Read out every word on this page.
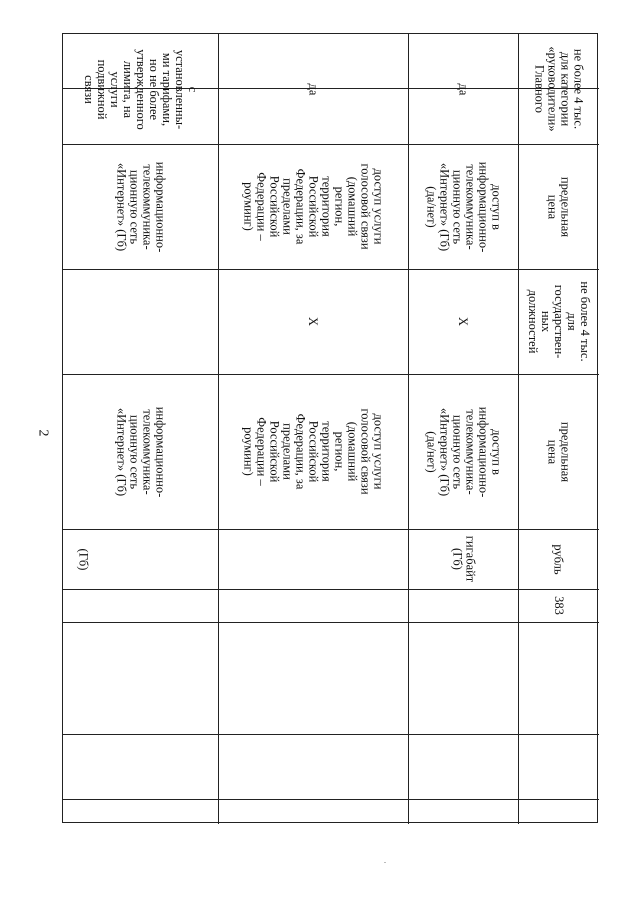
2
(Гб)
информационно-
телекоммуника-
ционную сеть
«Интернет» (Гб)
информационно-
телекоммуника-
ционную сеть
«Интернет» (Гб)
с
установленны-
ми тарифами,
но не более
утвержденного
лимита, на
услуги
подвижной
связи
доступ услуги
голосовой связи
(домашний
регион,
территория
Российской
Федерации, за
пределами
Российской
Федерации –
роуминг)
X
доступ услуги
голосовой связи
(домашний
регион,
территория
Российской
Федерации, за
пределами
Российской
Федерации –
роуминг)
да
гигабайт
(Гб)
доступ в
информационно-
телекоммуника-
ционную сеть
«Интернет» (Гб)
(да/нет)
X
доступ в
информационно-
телекоммуника-
ционную сеть
«Интернет» (Гб)
(да/нет)
да
383
рубль
предельная цена
не более 4 тыс.
для
государствен-
ных должностей
предельная цена
не более 4 тыс.
для категории
«руководители»
Главного
